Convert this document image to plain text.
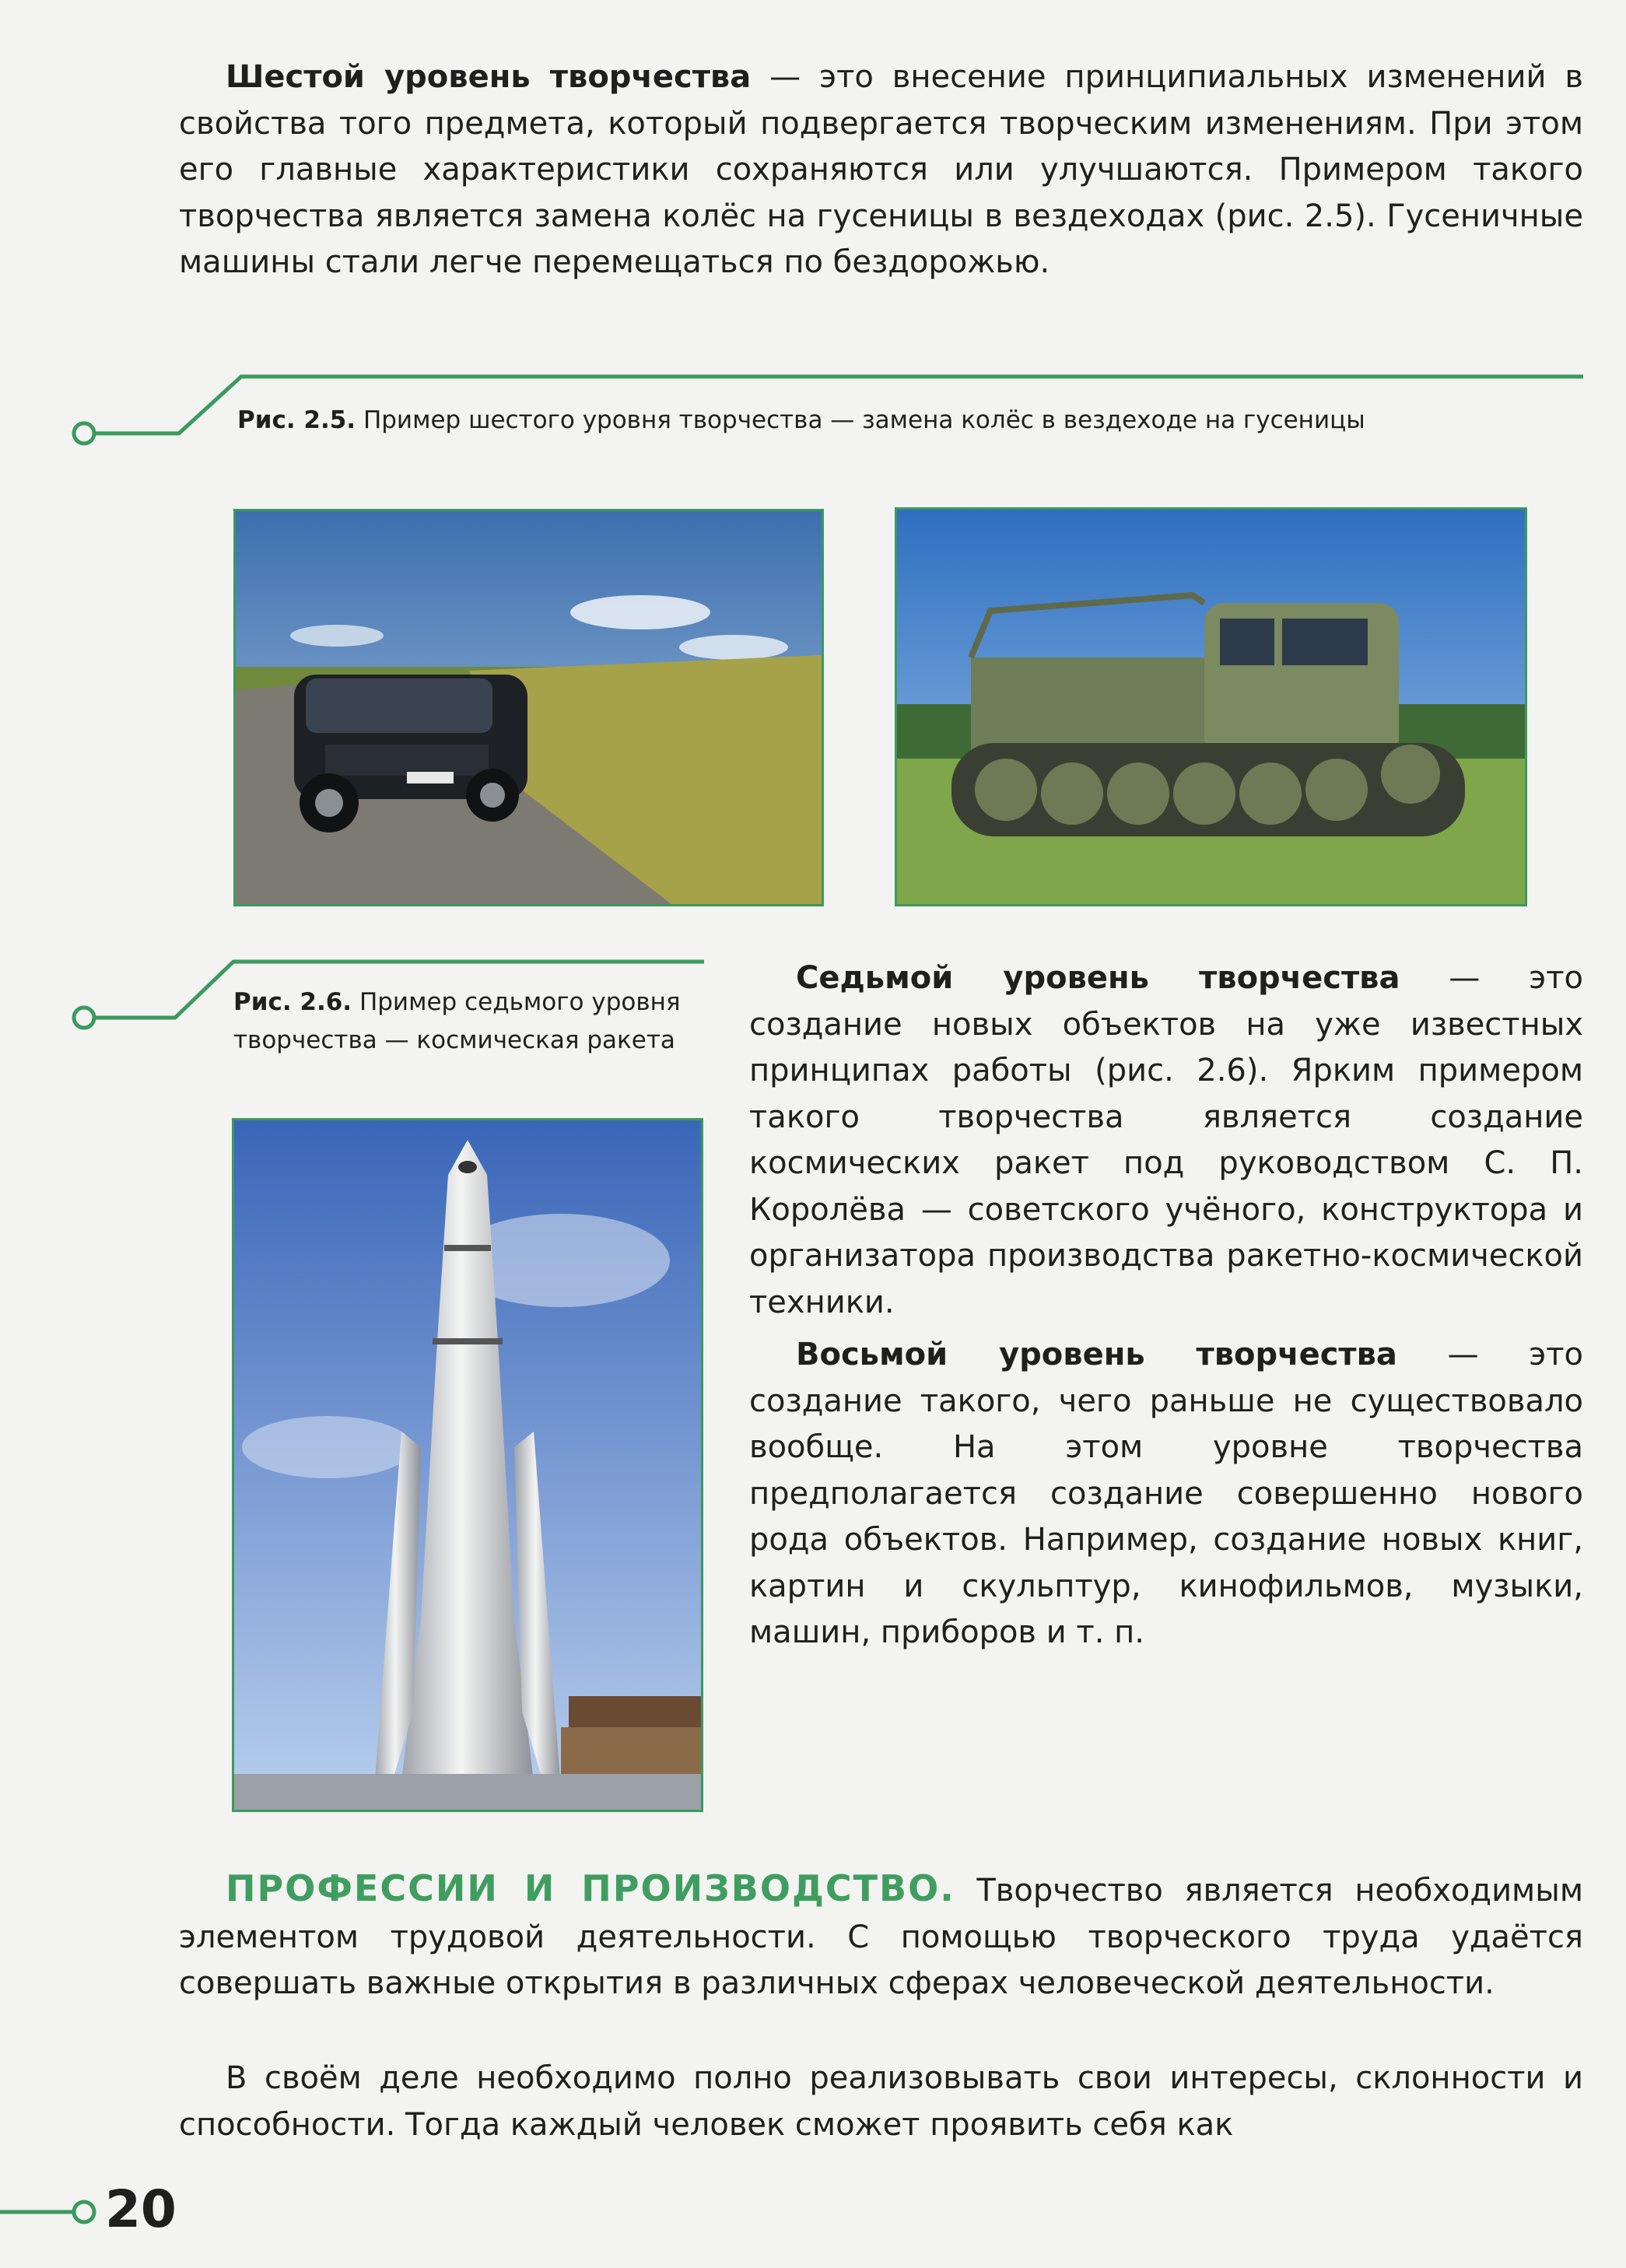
Шестой уровень творчества — это внесение принципиальных изменений в свойства того предмета, который подвергается творческим изменениям. При этом его главные характеристики сохраняются или улучшаются. Примером такого творчества является замена колёс на гусеницы в вездеходах (рис. 2.5). Гусеничные машины стали легче перемещаться по бездорожью.

Рис. 2.5. Пример шестого уровня творчества — замена колёс в вездеходе на гусеницы

Рис. 2.6. Пример седьмого уровня творчества — космическая ракета

Седьмой уровень творчества — это создание новых объектов на уже известных принципах работы (рис. 2.6). Ярким примером такого творчества является создание космических ракет под руководством С. П. Королёва — советского учёного, конструктора и организатора производства ракетно-космической техники.

Восьмой уровень творчества — это создание такого, чего раньше не существовало вообще. На этом уровне творчества предполагается создание совершенно нового рода объектов. Например, создание новых книг, картин и скульптур, кинофильмов, музыки, машин, приборов и т. п.

ПРОФЕССИИ И ПРОИЗВОДСТВО. Творчество является необходимым элементом трудовой деятельности. С помощью творческого труда удаётся совершать важные открытия в различных сферах человеческой деятельности.

В своём деле необходимо полно реализовывать свои интересы, склонности и способности. Тогда каждый человек сможет проявить себя как

20
